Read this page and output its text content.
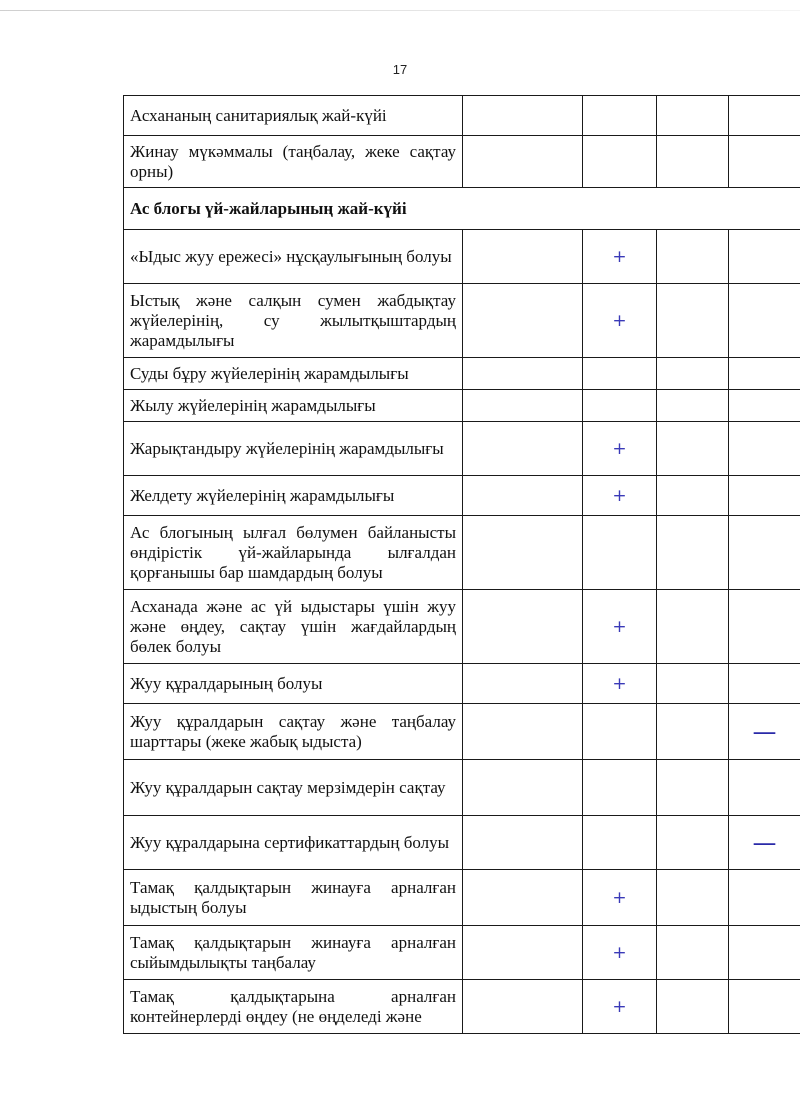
17
Асхананың санитариялық жай-күйі				
Жинау мүкәммалы (таңбалау, жеке сақтау орны)				
Ас блогы үй-жайларының жай-күйі				
«Ыдыс жуу ережесі» нұсқаулығының болуы		+		
Ыстық және салқын сумен жабдықтау жүйелерінің, су жылытқыштардың жарамдылығы		+		
Суды бұру жүйелерінің жарамдылығы				
Жылу жүйелерінің жарамдылығы				
Жарықтандыру жүйелерінің жарамдылығы		+		
Желдету жүйелерінің жарамдылығы		+		
Ас блогының ылғал бөлумен байланысты өндірістік үй-жайларында ылғалдан қорғанышы бар шамдардың болуы				
Асханада және ас үй ыдыстары үшін жуу және өңдеу, сақтау үшін жағдайлардың бөлек болуы		+		
Жуу құралдарының болуы		+		
Жуу құралдарын сақтау және таңбалау шарттары (жеке жабық ыдыста)				—
Жуу құралдарын сақтау мерзімдерін сақтау				
Жуу құралдарына сертификаттардың болуы				—
Тамақ қалдықтарын жинауға арналған ыдыстың болуы		+		
Тамақ қалдықтарын жинауға арналған сыйымдылықты таңбалау		+		
Тамақ қалдықтарына арналған контейнерлерді өңдеу (не өңделеді және		+		
